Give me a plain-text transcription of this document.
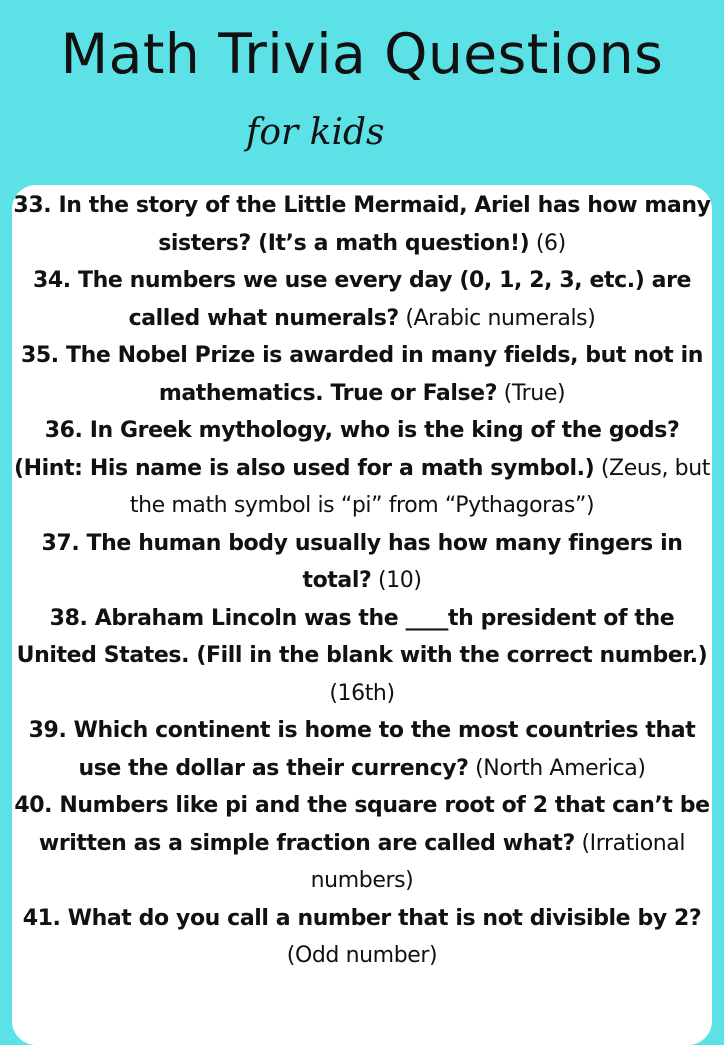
Math Trivia Questions
for kids
33. In the story of the Little Mermaid, Ariel has how many sisters? (It’s a math question!) (6)
34. The numbers we use every day (0, 1, 2, 3, etc.) are called what numerals? (Arabic numerals)
35. The Nobel Prize is awarded in many fields, but not in mathematics. True or False? (True)
36. In Greek mythology, who is the king of the gods? (Hint: His name is also used for a math symbol.) (Zeus, but the math symbol is “pi” from “Pythagoras”)
37. The human body usually has how many fingers in total? (10)
38. Abraham Lincoln was the ____th president of the United States. (Fill in the blank with the correct number.) (16th)
39. Which continent is home to the most countries that use the dollar as their currency? (North America)
40. Numbers like pi and the square root of 2 that can’t be written as a simple fraction are called what? (Irrational numbers)
41. What do you call a number that is not divisible by 2? (Odd number)
